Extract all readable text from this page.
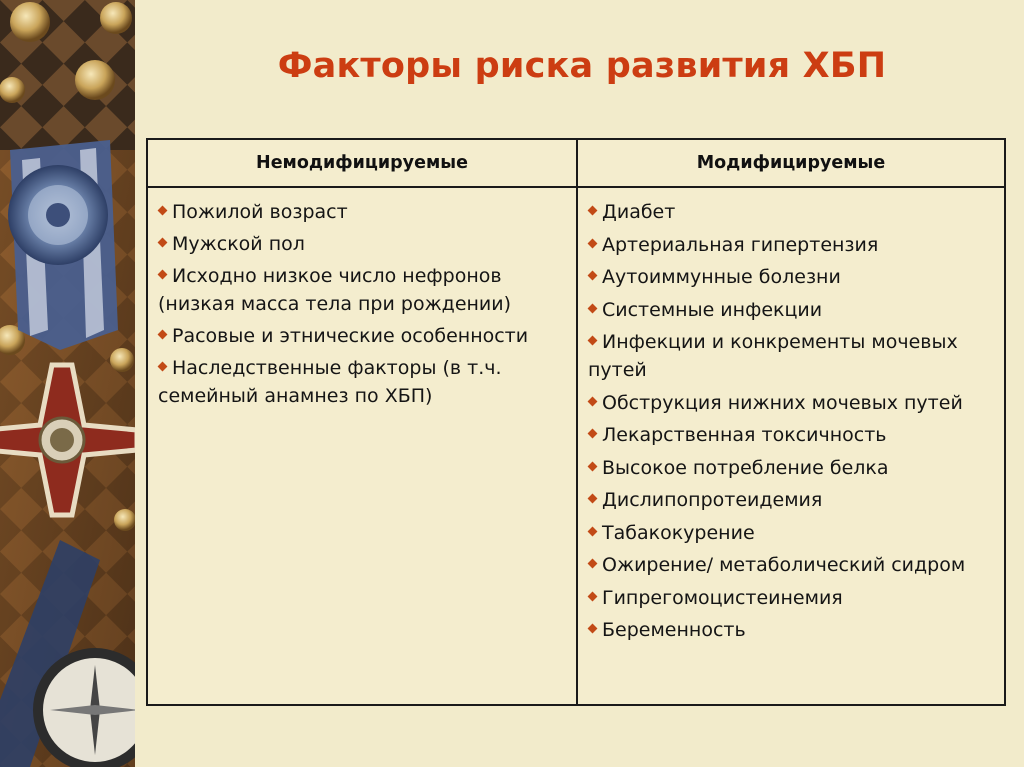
Факторы риска развития ХБП
Немодифицируемые	Модифицируемые
Пожилой возраст
Мужской пол
Исходно низкое число нефронов (низкая масса тела при рождении)
Расовые и этнические особенности
Наследственные факторы (в т.ч. семейный анамнез по ХБП)
Диабет
Артериальная гипертензия
Аутоиммунные болезни
Системные инфекции
Инфекции и конкременты мочевых путей
Обструкция нижних мочевых путей
Лекарственная токсичность
Высокое потребление белка
Дислипопротеидемия
Табакокурение
Ожирение/ метаболический сидром
Гипрегомоцистеинемия
Беременность
